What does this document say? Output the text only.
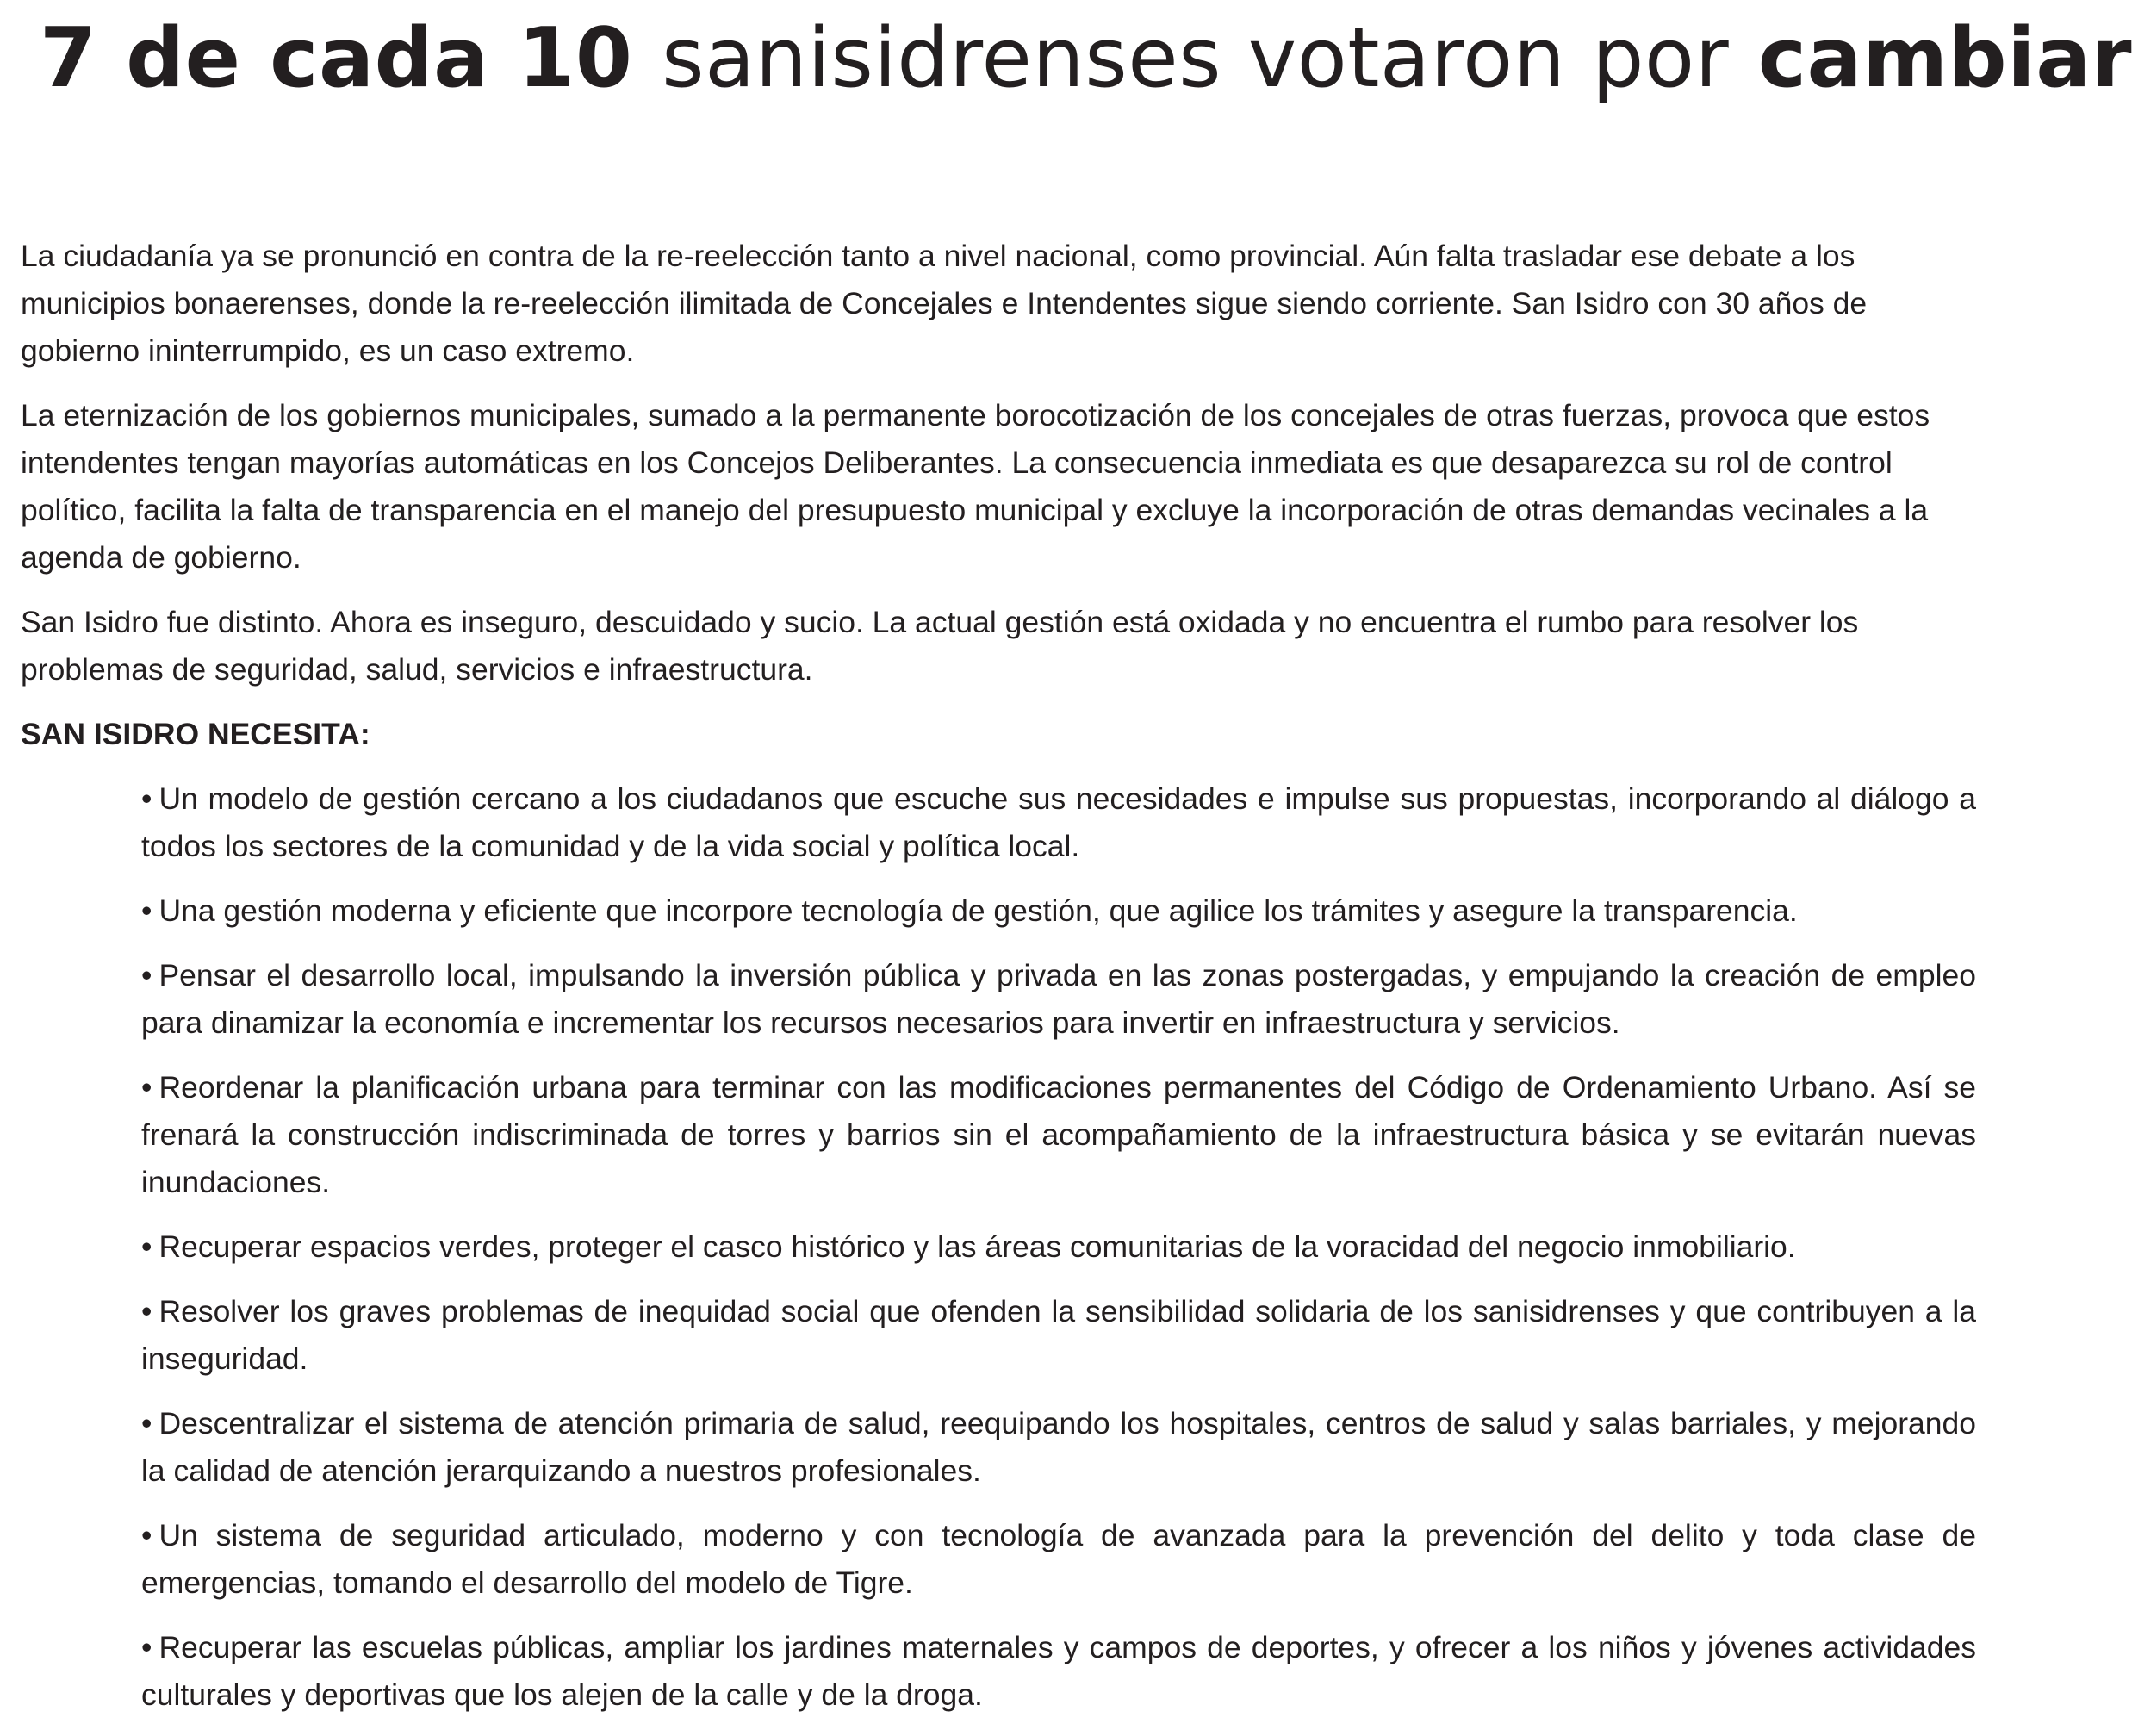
7 de cada 10 sanisidrenses votaron por cambiar

La ciudadanía ya se pronunció en contra de la re-reelección tanto a nivel nacional, como provincial. Aún falta trasladar ese debate a los municipios bonaerenses, donde la re-reelección ilimitada de Concejales e Intendentes sigue siendo corriente. San Isidro con 30 años de gobierno ininterrumpido, es un caso extremo.

La eternización de los gobiernos municipales, sumado a la permanente borocotización de los concejales de otras fuerzas, provoca que estos intendentes tengan mayorías automáticas en los Concejos Deliberantes. La consecuencia inmediata es que desaparezca su rol de control político, facilita la falta de transparencia en el manejo del presupuesto municipal y excluye la incorporación de otras demandas vecinales a la agenda de gobierno.

San Isidro fue distinto. Ahora es inseguro, descuidado y sucio. La actual gestión está oxidada y no encuentra el rumbo para resolver los problemas de seguridad, salud, servicios e infraestructura.

SAN ISIDRO NECESITA:
• Un modelo de gestión cercano a los ciudadanos que escuche sus necesidades e impulse sus propuestas, incorporando al diálogo a todos los sectores de la comunidad y de la vida social y política local.
• Una gestión moderna y eficiente que incorpore tecnología de gestión, que agilice los trámites y asegure la transparencia.
• Pensar el desarrollo local, impulsando la inversión pública y privada en las zonas postergadas, y empujando la creación de empleo para dinamizar la economía e incrementar los recursos necesarios para invertir en infraestructura y servicios.
• Reordenar la planificación urbana para terminar con las modificaciones permanentes del Código de Ordenamiento Urbano. Así se frenará la construcción indiscriminada de torres y barrios sin el acompañamiento de la infraestructura básica y se evitarán nuevas inundaciones.
• Recuperar espacios verdes, proteger el casco histórico y las áreas comunitarias de la voracidad del negocio inmobiliario.
• Resolver los graves problemas de inequidad social que ofenden la sensibilidad solidaria de los sanisidrenses y que contribuyen a la inseguridad.
• Descentralizar el sistema de atención primaria de salud, reequipando los hospitales, centros de salud y salas barriales, y mejorando la calidad de atención jerarquizando a nuestros profesionales.
• Un sistema de seguridad articulado, moderno y con tecnología de avanzada para la prevención del delito y toda clase de emergencias, tomando el desarrollo del modelo de Tigre.
• Recuperar las escuelas públicas, ampliar los jardines maternales y campos de deportes, y ofrecer a los niños y jóvenes actividades culturales y deportivas que los alejen de la calle y de la droga.
